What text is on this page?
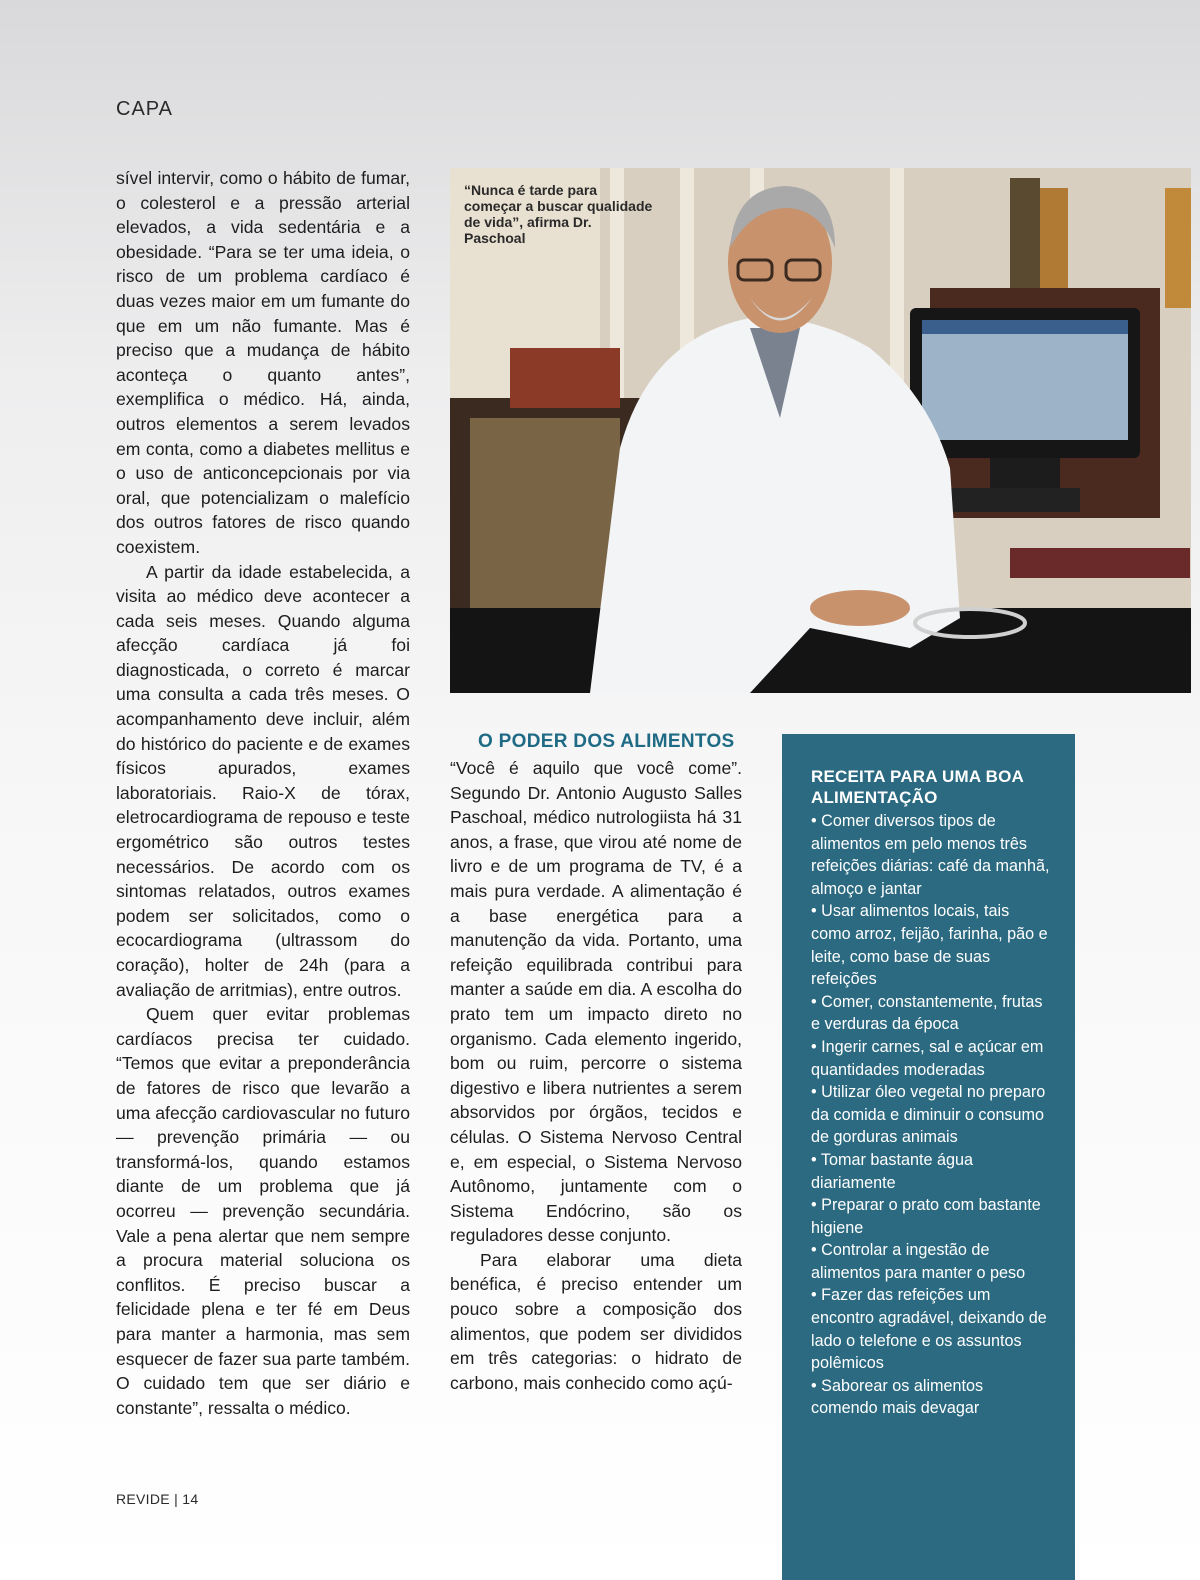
CAPA

sível intervir, como o hábito de fumar, o colesterol e a pressão arterial elevados, a vida sedentária e a obesidade. “Para se ter uma ideia, o risco de um problema cardíaco é duas vezes maior em um fumante do que em um não fumante. Mas é preciso que a mudança de hábito aconteça o quanto antes”, exemplifica o médico. Há, ainda, outros elementos a serem levados em conta, como a diabetes mellitus e o uso de anticoncepcionais por via oral, que potencializam o malefício dos outros fatores de risco quando coexistem.

A partir da idade estabelecida, a visita ao médico deve acontecer a cada seis meses. Quando alguma afecção cardíaca já foi diagnosticada, o correto é marcar uma consulta a cada três meses. O acompanhamento deve incluir, além do histórico do paciente e de exames físicos apurados, exames laboratoriais. Raio-X de tórax, eletrocardiograma de repouso e teste ergométrico são outros testes necessários. De acordo com os sintomas relatados, outros exames podem ser solicitados, como o ecocardiograma (ultrassom do coração), holter de 24h (para a avaliação de arritmias), entre outros.

Quem quer evitar problemas cardíacos precisa ter cuidado. “Temos que evitar a preponderância de fatores de risco que levarão a uma afecção cardiovascular no futuro — prevenção primária — ou transformá-los, quando estamos diante de um problema que já ocorreu — prevenção secundária. Vale a pena alertar que nem sempre a procura material soluciona os conflitos. É preciso buscar a felicidade plena e ter fé em Deus para manter a harmonia, mas sem esquecer de fazer sua parte também. O cuidado tem que ser diário e constante”, ressalta o médico.

“Nunca é tarde para começar a buscar qualidade de vida”, afirma Dr. Paschoal
O PODER DOS ALIMENTOS

“Você é aquilo que você come”. Segundo Dr. Antonio Augusto Salles Paschoal, médico nutrologiista há 31 anos, a frase, que virou até nome de livro e de um programa de TV, é a mais pura verdade. A alimentação é a base energética para a manutenção da vida. Portanto, uma refeição equilibrada contribui para manter a saúde em dia. A escolha do prato tem um impacto direto no organismo. Cada elemento ingerido, bom ou ruim, percorre o sistema digestivo e libera nutrientes a serem absorvidos por órgãos, tecidos e células. O Sistema Nervoso Central e, em especial, o Sistema Nervoso Autônomo, juntamente com o Sistema Endócrino, são os reguladores desse conjunto.

Para elaborar uma dieta benéfica, é preciso entender um pouco sobre a composição dos alimentos, que podem ser divididos em três categorias: o hidrato de carbono, mais conhecido como açú-

RECEITA PARA UMA BOA ALIMENTAÇÃO
• Comer diversos tipos de alimentos em pelo menos três refeições diárias: café da manhã, almoço e jantar
• Usar alimentos locais, tais como arroz, feijão, farinha, pão e leite, como base de suas refeições
• Comer, constantemente, frutas e verduras da época
• Ingerir carnes, sal e açúcar em quantidades moderadas
• Utilizar óleo vegetal no preparo da comida e diminuir o consumo de gorduras animais
• Tomar bastante água diariamente
• Preparar o prato com bastante higiene
• Controlar a ingestão de alimentos para manter o peso
• Fazer das refeições um encontro agradável, deixando de lado o telefone e os assuntos polêmicos
• Saborear os alimentos comendo mais devagar
REVIDE | 14
